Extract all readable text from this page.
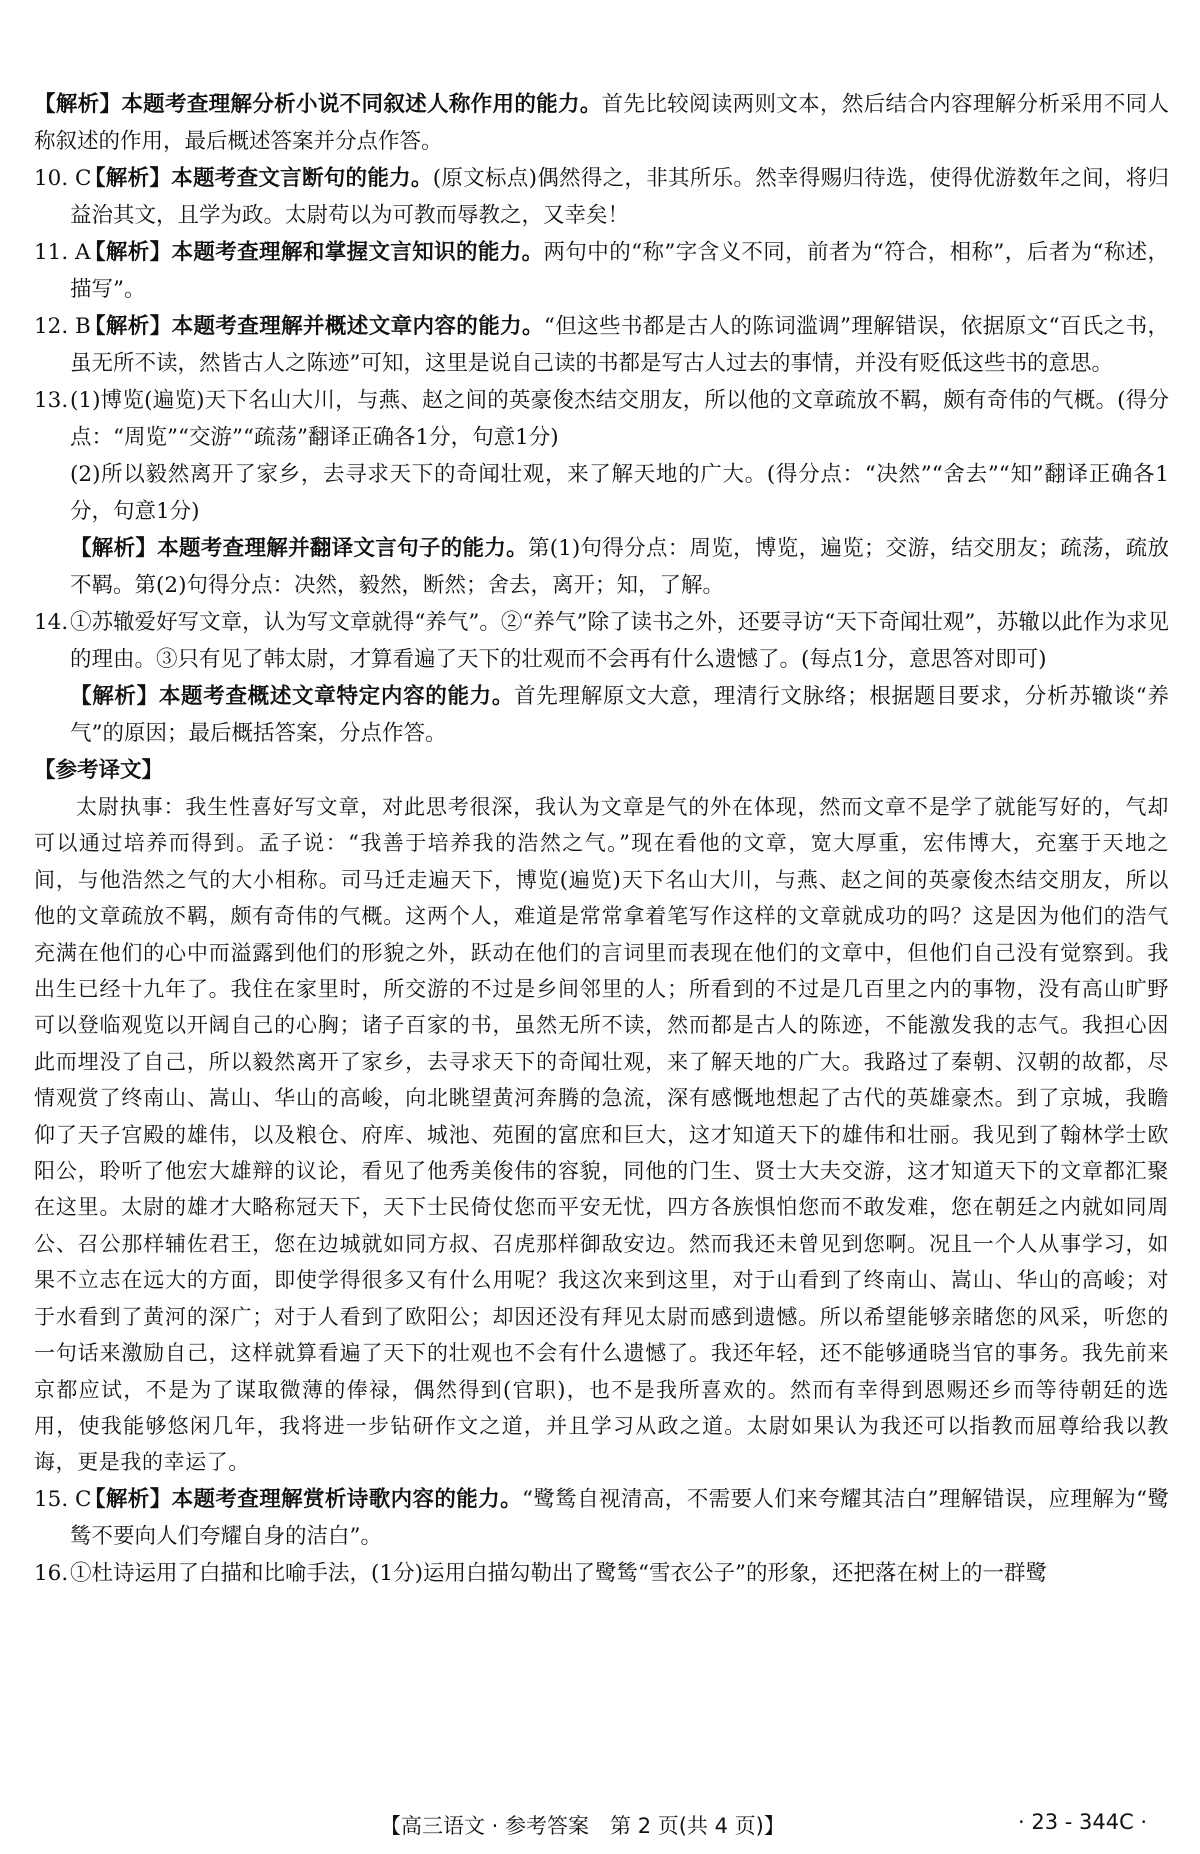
【解析】本题考查理解分析小说不同叙述人称作用的能力。首先比较阅读两则文本，然后结合内容理解分析采用不同人称叙述的作用，最后概述答案并分点作答。

10. C
【解析】本题考查文言断句的能力。(原文标点)偶然得之，非其所乐。然幸得赐归待选，使得优游数年之间，将归益治其文，且学为政。太尉苟以为可教而辱教之，又幸矣！

11. A
【解析】本题考查理解和掌握文言知识的能力。两句中的“称”字含义不同，前者为“符合，相称”，后者为“称述，描写”。

12. B
【解析】本题考查理解并概述文章内容的能力。“但这些书都是古人的陈词滥调”理解错误，依据原文“百氏之书，虽无所不读，然皆古人之陈迹”可知，这里是说自己读的书都是写古人过去的事情，并没有贬低这些书的意思。

13. (1)博览(遍览)天下名山大川，与燕、赵之间的英豪俊杰结交朋友，所以他的文章疏放不羁，颇有奇伟的气概。(得分点：“周览”“交游”“疏荡”翻译正确各1分，句意1分)

(2)所以毅然离开了家乡，去寻求天下的奇闻壮观，来了解天地的广大。(得分点：“决然”“舍去”“知”翻译正确各1分，句意1分)

【解析】本题考查理解并翻译文言句子的能力。第(1)句得分点：周览，博览，遍览；交游，结交朋友；疏荡，疏放不羁。第(2)句得分点：决然，毅然，断然；舍去，离开；知，了解。

14. ①苏辙爱好写文章，认为写文章就得“养气”。②“养气”除了读书之外，还要寻访“天下奇闻壮观”，苏辙以此作为求见的理由。③只有见了韩太尉，才算看遍了天下的壮观而不会再有什么遗憾了。(每点1分，意思答对即可)

【解析】本题考查概述文章特定内容的能力。首先理解原文大意，理清行文脉络；根据题目要求，分析苏辙谈“养气”的原因；最后概括答案，分点作答。

【参考译文】

太尉执事：我生性喜好写文章，对此思考很深，我认为文章是气的外在体现，然而文章不是学了就能写好的，气却可以通过培养而得到。孟子说：“我善于培养我的浩然之气。”现在看他的文章，宽大厚重，宏伟博大，充塞于天地之间，与他浩然之气的大小相称。司马迁走遍天下，博览(遍览)天下名山大川，与燕、赵之间的英豪俊杰结交朋友，所以他的文章疏放不羁，颇有奇伟的气概。这两个人，难道是常常拿着笔写作这样的文章就成功的吗？这是因为他们的浩气充满在他们的心中而溢露到他们的形貌之外，跃动在他们的言词里而表现在他们的文章中，但他们自己没有觉察到。我出生已经十九年了。我住在家里时，所交游的不过是乡间邻里的人；所看到的不过是几百里之内的事物，没有高山旷野可以登临观览以开阔自己的心胸；诸子百家的书，虽然无所不读，然而都是古人的陈迹，不能激发我的志气。我担心因此而埋没了自己，所以毅然离开了家乡，去寻求天下的奇闻壮观，来了解天地的广大。我路过了秦朝、汉朝的故都，尽情观赏了终南山、嵩山、华山的高峻，向北眺望黄河奔腾的急流，深有感慨地想起了古代的英雄豪杰。到了京城，我瞻仰了天子宫殿的雄伟，以及粮仓、府库、城池、苑囿的富庶和巨大，这才知道天下的雄伟和壮丽。我见到了翰林学士欧阳公，聆听了他宏大雄辩的议论，看见了他秀美俊伟的容貌，同他的门生、贤士大夫交游，这才知道天下的文章都汇聚在这里。太尉的雄才大略称冠天下，天下士民倚仗您而平安无忧，四方各族惧怕您而不敢发难，您在朝廷之内就如同周公、召公那样辅佐君王，您在边城就如同方叔、召虎那样御敌安边。然而我还未曾见到您啊。况且一个人从事学习，如果不立志在远大的方面，即使学得很多又有什么用呢？我这次来到这里，对于山看到了终南山、嵩山、华山的高峻；对于水看到了黄河的深广；对于人看到了欧阳公；却因还没有拜见太尉而感到遗憾。所以希望能够亲睹您的风采，听您的一句话来激励自己，这样就算看遍了天下的壮观也不会有什么遗憾了。我还年轻，还不能够通晓当官的事务。我先前来京都应试，不是为了谋取微薄的俸禄，偶然得到(官职)，也不是我所喜欢的。然而有幸得到恩赐还乡而等待朝廷的选用，使我能够悠闲几年，我将进一步钻研作文之道，并且学习从政之道。太尉如果认为我还可以指教而屈尊给我以教诲，更是我的幸运了。

15. C
【解析】本题考查理解赏析诗歌内容的能力。“鹭鸶自视清高，不需要人们来夸耀其洁白”理解错误，应理解为“鹭鸶不要向人们夸耀自身的洁白”。

16. ①杜诗运用了白描和比喻手法，(1分)运用白描勾勒出了鹭鸶“雪衣公子”的形象，还把落在树上的一群鹭

【高三语文 · 参考答案　第 2 页(共 4 页)】	· 23 - 344C ·
